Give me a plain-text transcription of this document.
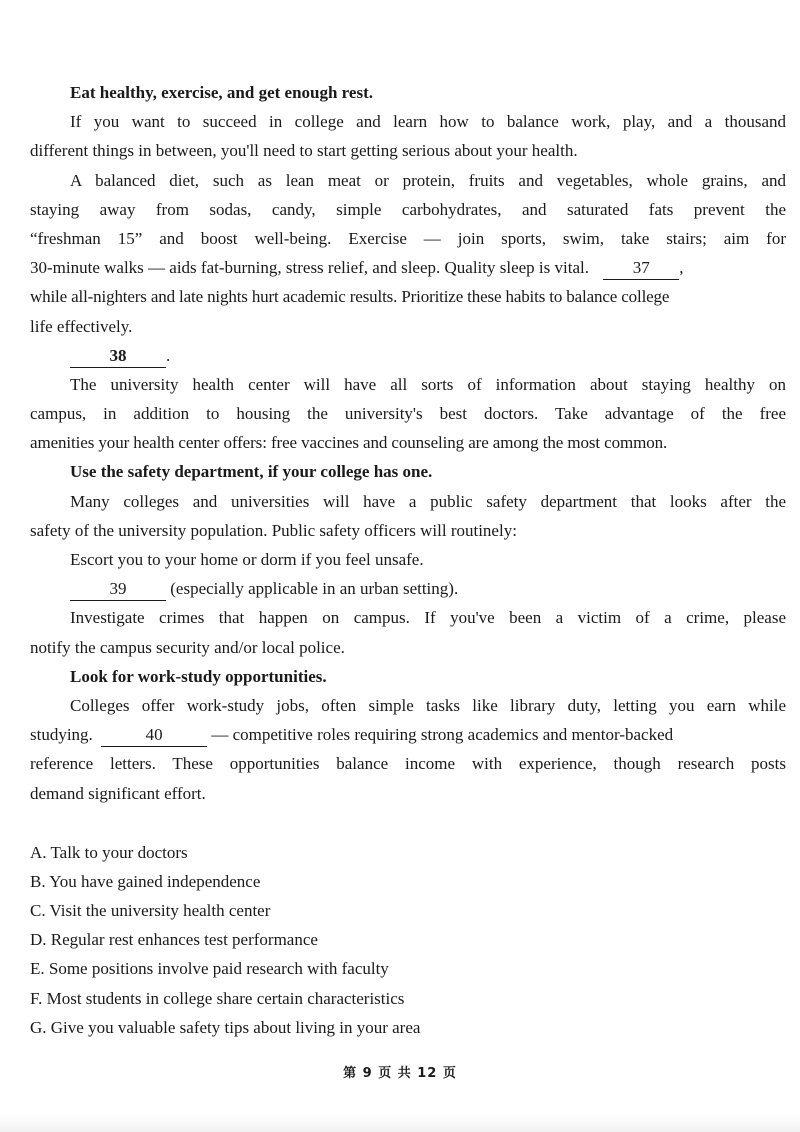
Eat healthy, exercise, and get enough rest.
If you want to succeed in college and learn how to balance work, play, and a thousand
different things in between, you'll need to start getting serious about your health.
A balanced diet, such as lean meat or protein, fruits and vegetables, whole grains, and
staying away from sodas, candy, simple carbohydrates, and saturated fats prevent the
“freshman 15” and boost well-being. Exercise — join sports, swim, take stairs; aim for
30-minute walks — aids fat-burning, stress relief, and sleep. Quality sleep is vital.	37 ,
while all-nighters and late nights hurt academic results. Prioritize these habits to balance college
life effectively.
38 .
The university health center will have all sorts of information about staying healthy on
campus, in addition to housing the university's best doctors. Take advantage of the free
amenities your health center offers: free vaccines and counseling are among the most common.
Use the safety department, if your college has one.
Many colleges and universities will have a public safety department that looks after the
safety of the university population. Public safety officers will routinely:
Escort you to your home or dorm if you feel unsafe.
39 (especially applicable in an urban setting).
Investigate crimes that happen on campus. If you've been a victim of a crime, please
notify the campus security and/or local police.
Look for work-study opportunities.
Colleges offer work-study jobs, often simple tasks like library duty, letting you earn while
studying.	40	— competitive roles requiring strong academics and mentor-backed
reference letters. These opportunities balance income with experience, though research posts
demand significant effort.
A. Talk to your doctors
B. You have gained independence
C. Visit the university health center
D. Regular rest enhances test performance
E. Some positions involve paid research with faculty
F. Most students in college share certain characteristics
G. Give you valuable safety tips about living in your area
第 9 页 共 12 页
